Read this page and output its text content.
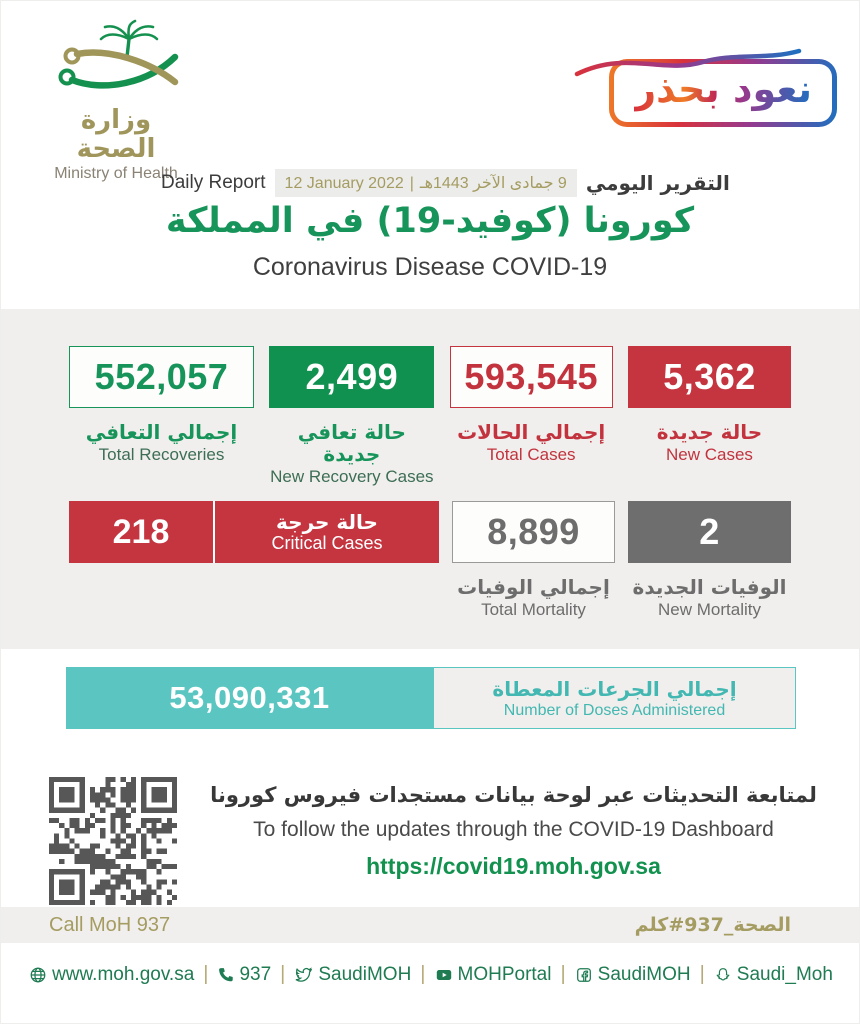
وزارة الصحة
Ministry of Health
نعود بحذر
Daily Report	12 January 2022 | 9 جمادى الآخر 1443هـ التقرير اليومي
كورونا (كوفيد-19) في المملكة
Coronavirus Disease COVID-19
552,057
إجمالي التعافي
Total Recoveries
2,499
حالة تعافي جديدة
New Recovery Cases
593,545
إجمالي الحالات
Total Cases
5,362
حالة جديدة
New Cases
218	حالة حرجة
Critical Cases	8,899
إجمالي الوفيات
Total Mortality
2
الوفيات الجديدة
New Mortality
53,090,331	إجمالي الجرعات المعطاة
Number of Doses Administered
لمتابعة التحديثات عبر لوحة بيانات مستجدات فيروس كورونا
To follow the updates through the COVID-19 Dashboard
https://covid19.moh.gov.sa
Call MoH 937	كلم#الصحة_937
www.moh.gov.sa | 937 | SaudiMOH | MOHPortal | SaudiMOH | Saudi_Moh
